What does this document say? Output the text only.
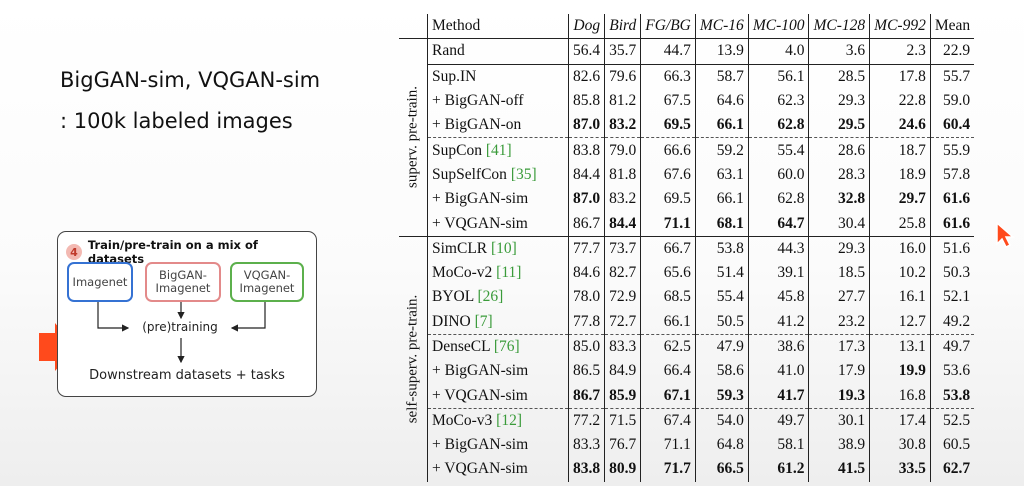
BigGAN-sim, VQGAN-sim
: 100k labeled images
4 Train/pre-train on a mix of datasets
Imagenet	BigGAN-
Imagenet
VQGAN-
Imagenet
(pre)training
Downstream datasets + tasks
	Method	Dog	Bird	FG/BG	MC-16	MC-100	MC-128	MC-992	Mean

superv. pre-train.	Rand	56.4	35.7	44.7	13.9	4.0	3.6	2.3	22.9
	Sup.IN	82.6	79.6	66.3	58.7	56.1	28.5	17.8	55.7
	+ BigGAN-off	85.8	81.2	67.5	64.6	62.3	29.3	22.8	59.0
	+ BigGAN-on	87.0	83.2	69.5	66.1	62.8	29.5	24.6	60.4
	SupCon [41]	83.8	79.0	66.6	59.2	55.4	28.6	18.7	55.9
	SupSelfCon [35]	84.4	81.8	67.6	63.1	60.0	28.3	18.9	57.8
	+ BigGAN-sim	87.0	83.2	69.5	66.1	62.8	32.8	29.7	61.6
	+ VQGAN-sim	86.7	84.4	71.1	68.1	64.7	30.4	25.8	61.6

self-superv. pre-train.	SimCLR [10]	77.7	73.7	66.7	53.8	44.3	29.3	16.0	51.6
	MoCo-v2 [11]	84.6	82.7	65.6	51.4	39.1	18.5	10.2	50.3
	BYOL [26]	78.0	72.9	68.5	55.4	45.8	27.7	16.1	52.1
	DINO [7]	77.8	72.7	66.1	50.5	41.2	23.2	12.7	49.2
	DenseCL [76]	85.0	83.3	62.5	47.9	38.6	17.3	13.1	49.7
	+ BigGAN-sim	86.5	84.9	66.4	58.6	41.0	17.9	19.9	53.6
	+ VQGAN-sim	86.7	85.9	67.1	59.3	41.7	19.3	16.8	53.8
	MoCo-v3 [12]	77.2	71.5	67.4	54.0	49.7	30.1	17.4	52.5
	+ BigGAN-sim	83.3	76.7	71.1	64.8	58.1	38.9	30.8	60.5
	+ VQGAN-sim	83.8	80.9	71.7	66.5	61.2	41.5	33.5	62.7
